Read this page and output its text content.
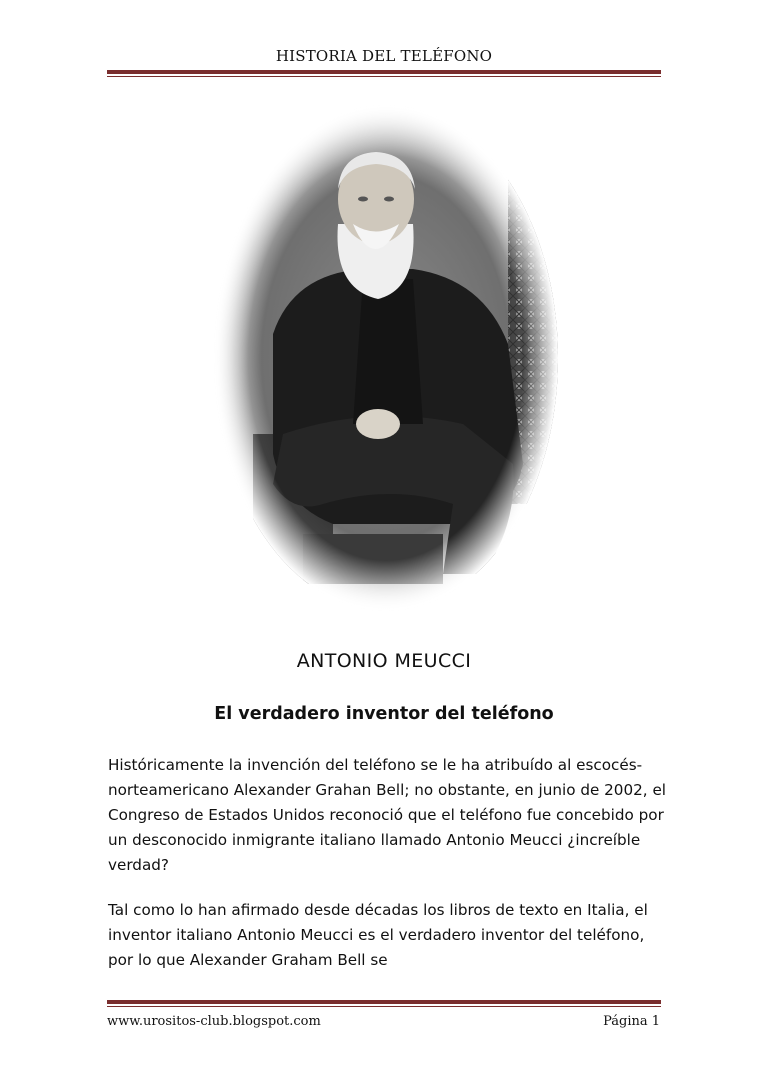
HISTORIA DEL TELÉFONO
ANTONIO MEUCCI
El verdadero inventor del teléfono

Históricamente la invención del teléfono se le ha atribuído al escocés-norteamericano Alexander Grahan Bell; no obstante, en junio de 2002, el Congreso de Estados Unidos reconoció que el teléfono fue concebido por un desconocido inmigrante italiano llamado Antonio Meucci ¿increíble verdad?

Tal como lo han afirmado desde décadas los libros de texto en Italia, el inventor italiano Antonio Meucci es el verdadero inventor del teléfono, por lo que Alexander Graham Bell se

www.urositos-club.blogspot.com	Página 1
